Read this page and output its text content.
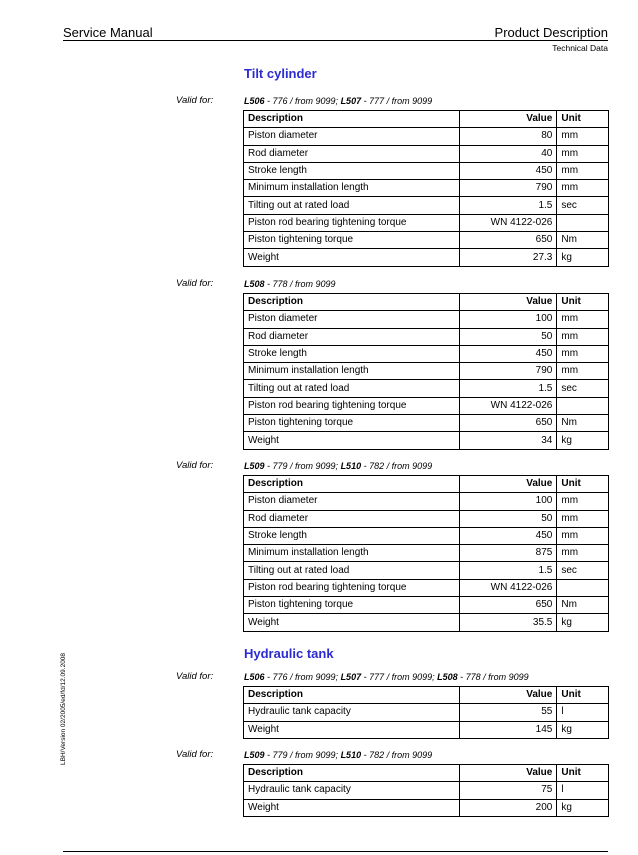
Service Manual	Product Description
Technical Data
LBH/Version 02/2005/ed/fd/12.09.2008
Tilt cylinder
Valid for:	L506 - 776 / from 9099; L507 - 777 / from 9099
Description	Value	Unit
Piston diameter	80	mm
Rod diameter	40	mm
Stroke length	450	mm
Minimum installation length	790	mm
Tilting out at rated load	1.5	sec
Piston rod bearing tightening torque	WN 4122-026	
Piston tightening torque	650	Nm
Weight	27.3	kg
Valid for:	L508 - 778 / from 9099
Description	Value	Unit
Piston diameter	100	mm
Rod diameter	50	mm
Stroke length	450	mm
Minimum installation length	790	mm
Tilting out at rated load	1.5	sec
Piston rod bearing tightening torque	WN 4122-026	
Piston tightening torque	650	Nm
Weight	34	kg
Valid for:	L509 - 779 / from 9099; L510 - 782 / from 9099
Description	Value	Unit
Piston diameter	100	mm
Rod diameter	50	mm
Stroke length	450	mm
Minimum installation length	875	mm
Tilting out at rated load	1.5	sec
Piston rod bearing tightening torque	WN 4122-026	
Piston tightening torque	650	Nm
Weight	35.5	kg
Hydraulic tank
Valid for:	L506 - 776 / from 9099; L507 - 777 / from 9099; L508 - 778 / from 9099
Description	Value	Unit
Hydraulic tank capacity	55	l
Weight	145	kg
Valid for:	L509 - 779 / from 9099; L510 - 782 / from 9099
Description	Value	Unit
Hydraulic tank capacity	75	l
Weight	200	kg
